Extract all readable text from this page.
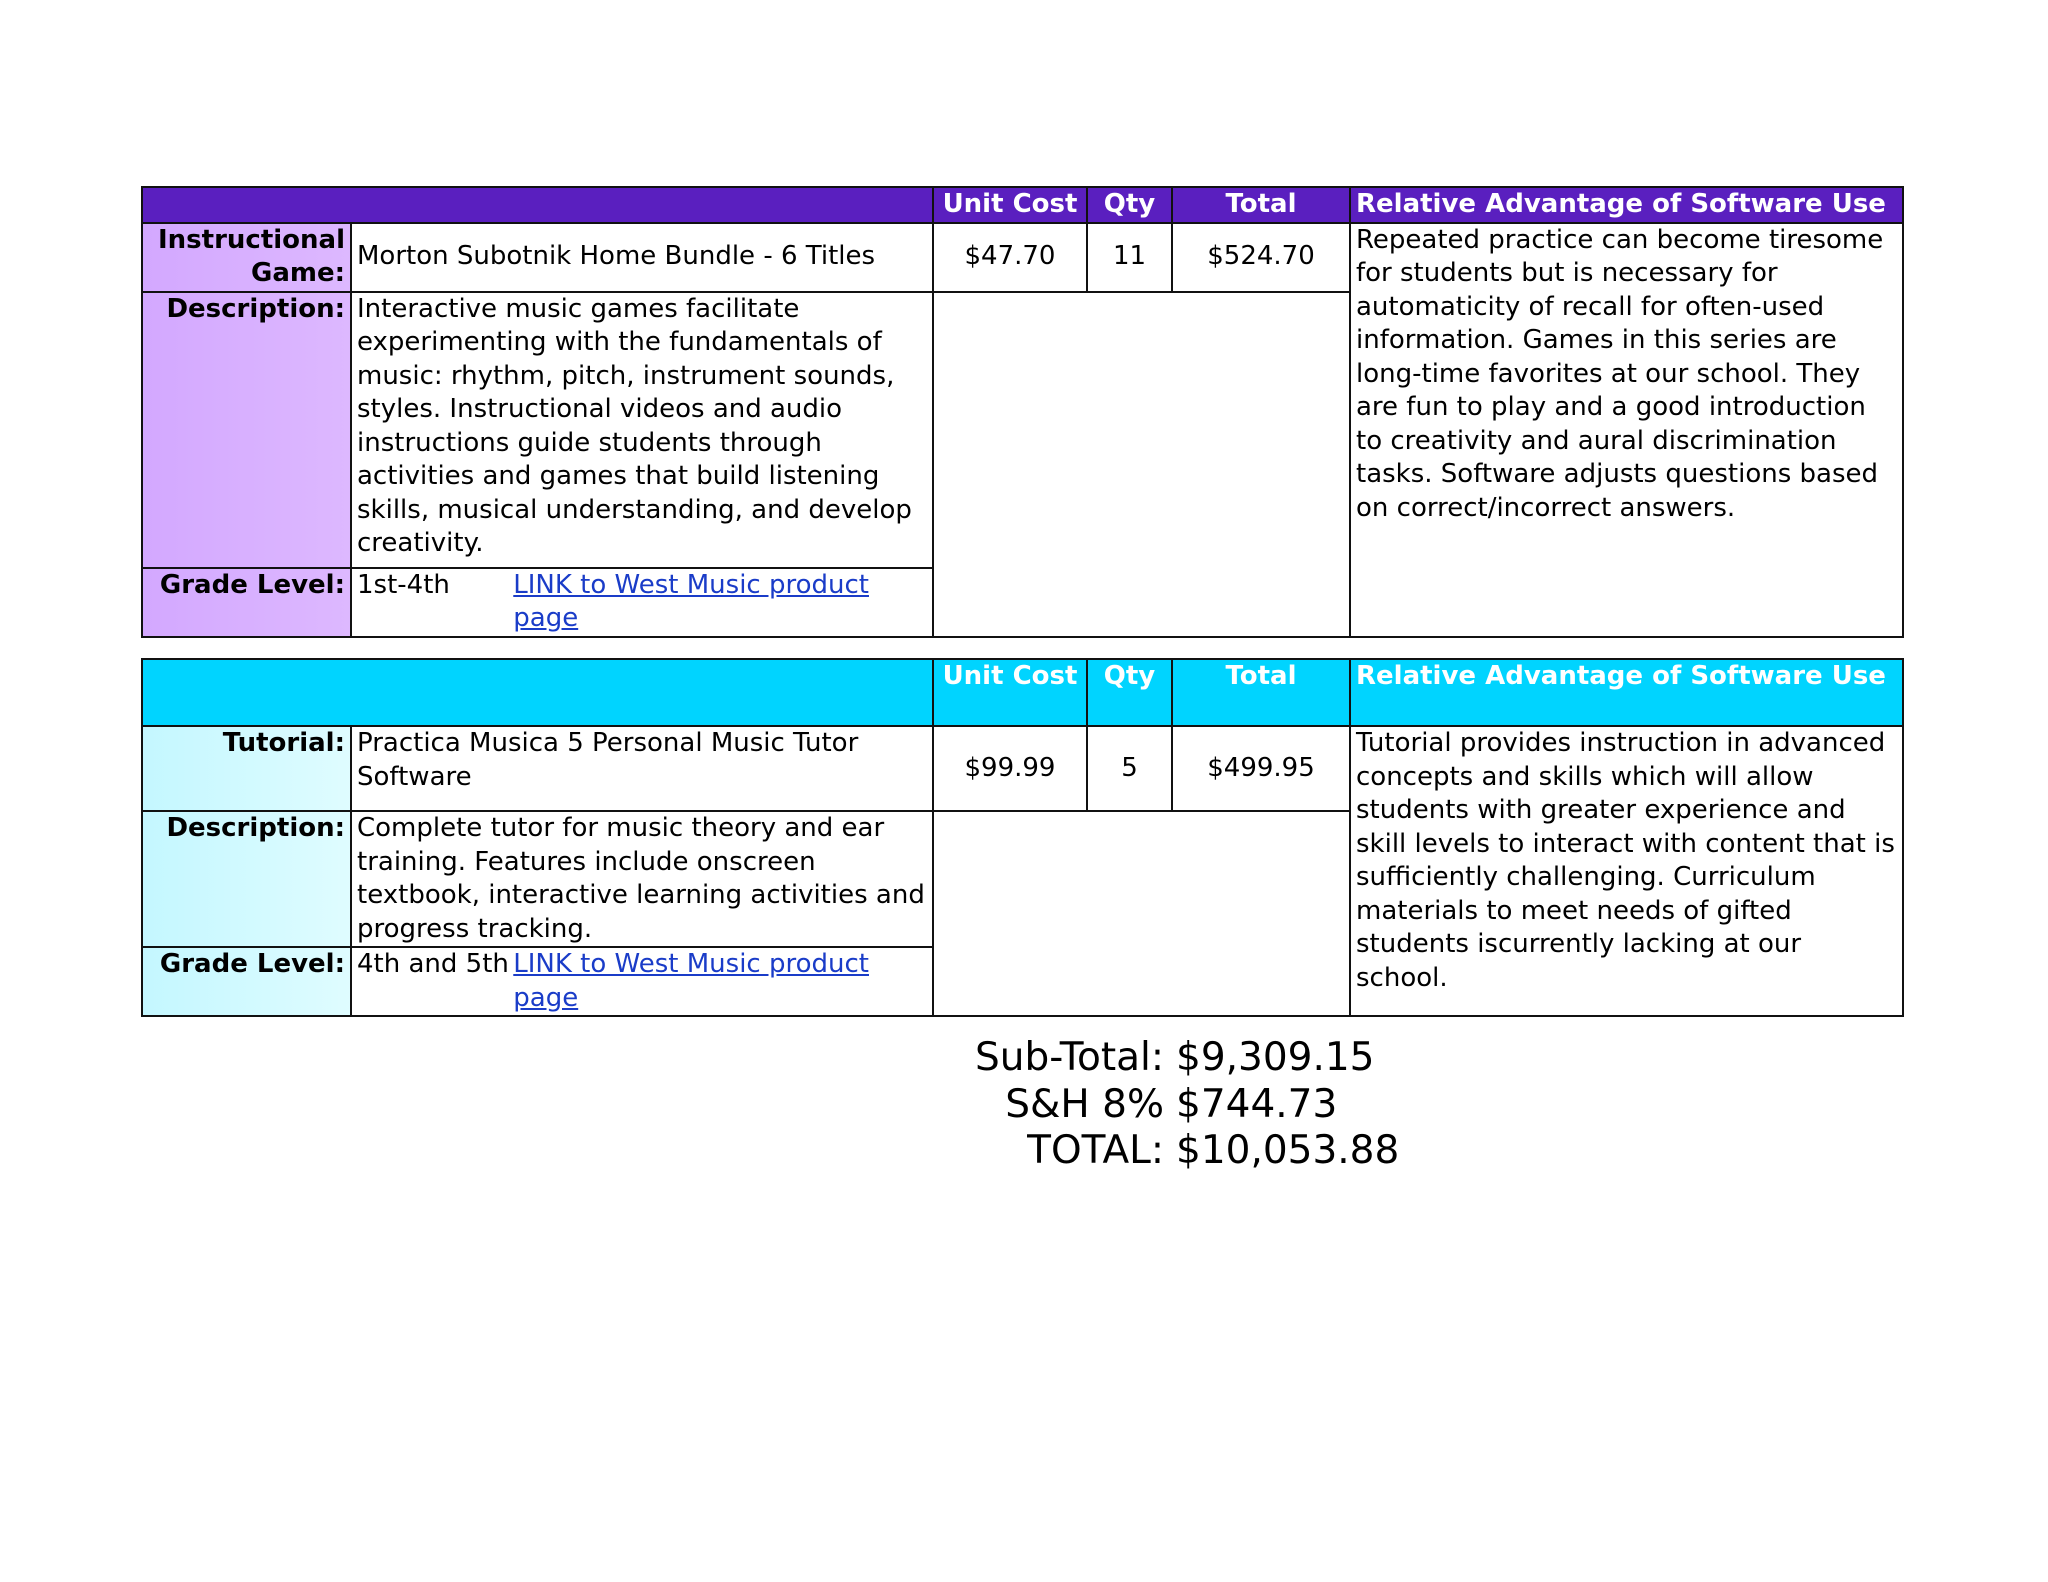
		Unit Cost	Qty	Total	Relative Advantage of Software Use
Instructional Game:	Morton Subotnik Home Bundle - 6 Titles	$47.70	11	$524.70	Repeated practice can become tiresome for students but is necessary for automaticity of recall for often-used information. Games in this series are long-time favorites at our school. They are fun to play and a good introduction to creativity and aural discrimination tasks. Software adjusts questions based on correct/incorrect answers.
Description:	Interactive music games facilitate experimenting with the fundamentals of music: rhythm, pitch, instrument sounds, styles. Instructional videos and audio instructions guide students through activities and games that build listening skills, musical understanding, and develop creativity.				
Grade Level:	1st-4th LINK to West Music product page				
		Unit Cost	Qty	Total	Relative Advantage of Software Use
Tutorial:	Practica Musica 5 Personal Music Tutor Software	$99.99	5	$499.95	Tutorial provides instruction in advanced concepts and skills which will allow students with greater experience and skill levels to interact with content that is sufficiently challenging. Curriculum materials to meet needs of gifted students iscurrently lacking at our school.
Description:	Complete tutor for music theory and ear training. Features include onscreen textbook, interactive learning activities and progress tracking.				
Grade Level:	4th and 5th LINK to West Music product page				
Sub-Total: $9,309.15
S&H 8% $744.73
TOTAL: $10,053.88
